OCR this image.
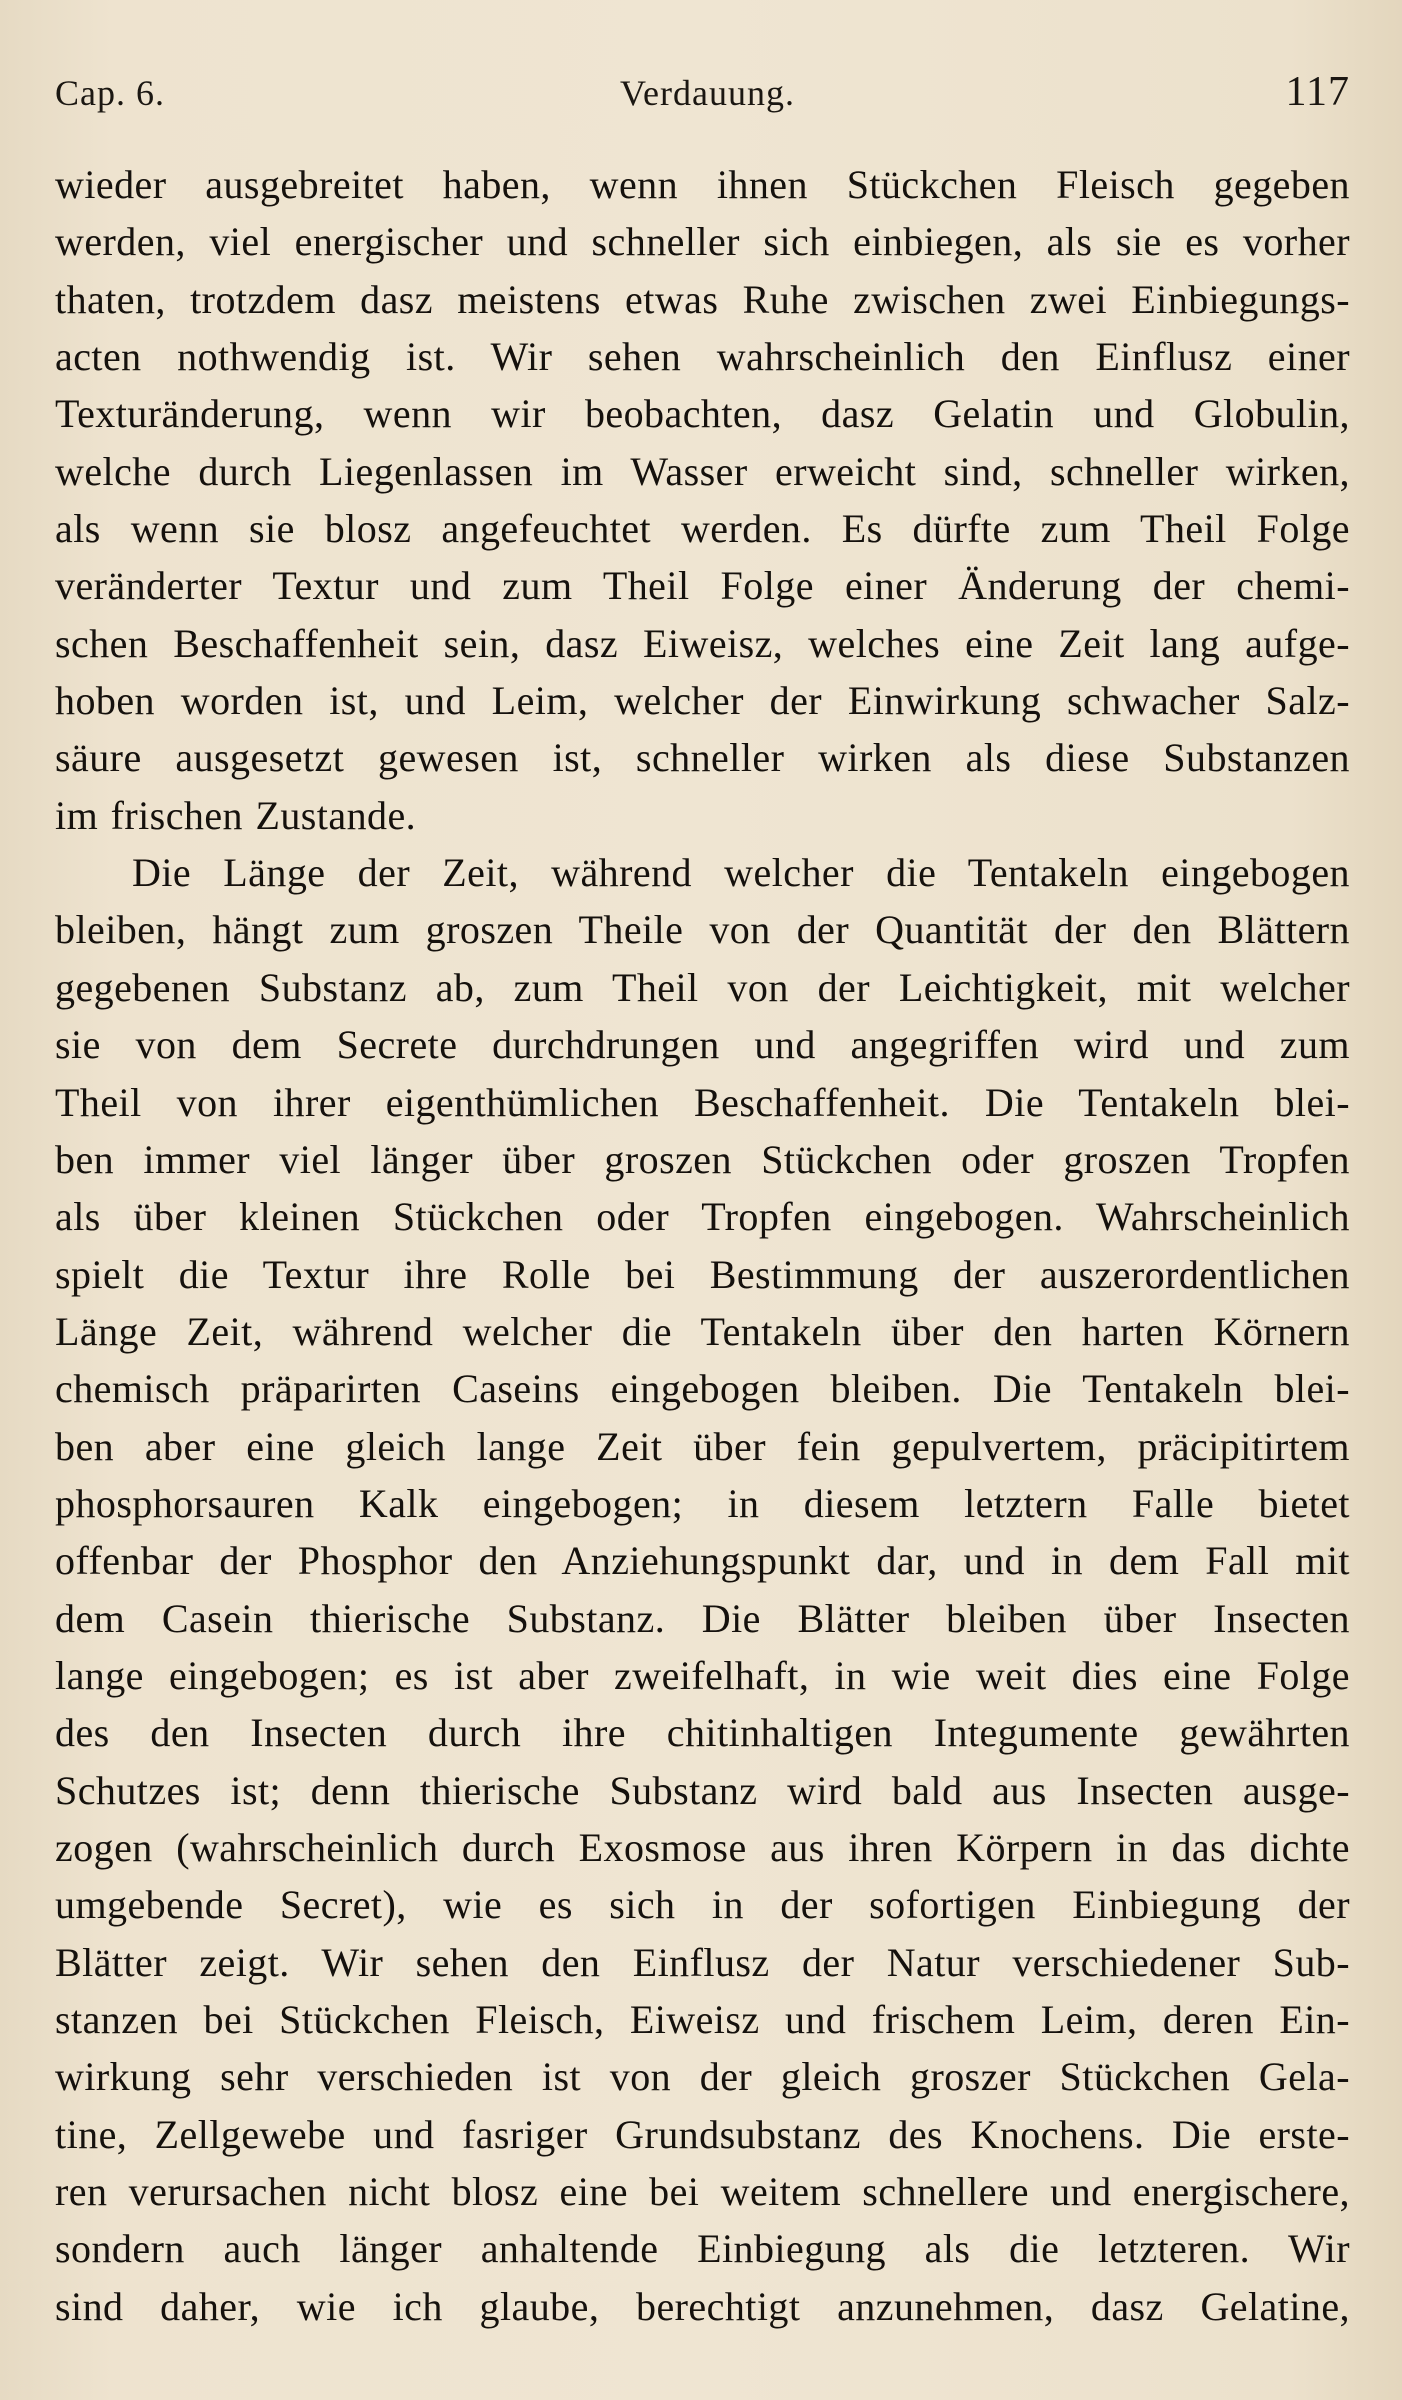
Cap. 6.	Verdauung.	117
wieder ausgebreitet haben, wenn ihnen Stückchen Fleisch gegeben
werden, viel energischer und schneller sich einbiegen, als sie es vorher
thaten, trotzdem dasz meistens etwas Ruhe zwischen zwei Einbiegungs-
acten nothwendig ist. Wir sehen wahrscheinlich den Einflusz einer
Texturänderung, wenn wir beobachten, dasz Gelatin und Globulin,
welche durch Liegenlassen im Wasser erweicht sind, schneller wirken,
als wenn sie blosz angefeuchtet werden. Es dürfte zum Theil Folge
veränderter Textur und zum Theil Folge einer Änderung der chemi-
schen Beschaffenheit sein, dasz Eiweisz, welches eine Zeit lang aufge-
hoben worden ist, und Leim, welcher der Einwirkung schwacher Salz-
säure ausgesetzt gewesen ist, schneller wirken als diese Substanzen
im frischen Zustande.
Die Länge der Zeit, während welcher die Tentakeln eingebogen
bleiben, hängt zum groszen Theile von der Quantität der den Blättern
gegebenen Substanz ab, zum Theil von der Leichtigkeit, mit welcher
sie von dem Secrete durchdrungen und angegriffen wird und zum
Theil von ihrer eigenthümlichen Beschaffenheit. Die Tentakeln blei-
ben immer viel länger über groszen Stückchen oder groszen Tropfen
als über kleinen Stückchen oder Tropfen eingebogen. Wahrscheinlich
spielt die Textur ihre Rolle bei Bestimmung der auszerordentlichen
Länge Zeit, während welcher die Tentakeln über den harten Körnern
chemisch präparirten Caseins eingebogen bleiben. Die Tentakeln blei-
ben aber eine gleich lange Zeit über fein gepulvertem, präcipitirtem
phosphorsauren Kalk eingebogen; in diesem letztern Falle bietet
offenbar der Phosphor den Anziehungspunkt dar, und in dem Fall mit
dem Casein thierische Substanz. Die Blätter bleiben über Insecten
lange eingebogen; es ist aber zweifelhaft, in wie weit dies eine Folge
des den Insecten durch ihre chitinhaltigen Integumente gewährten
Schutzes ist; denn thierische Substanz wird bald aus Insecten ausge-
zogen (wahrscheinlich durch Exosmose aus ihren Körpern in das dichte
umgebende Secret), wie es sich in der sofortigen Einbiegung der
Blätter zeigt. Wir sehen den Einflusz der Natur verschiedener Sub-
stanzen bei Stückchen Fleisch, Eiweisz und frischem Leim, deren Ein-
wirkung sehr verschieden ist von der gleich groszer Stückchen Gela-
tine, Zellgewebe und fasriger Grundsubstanz des Knochens. Die erste-
ren verursachen nicht blosz eine bei weitem schnellere und energischere,
sondern auch länger anhaltende Einbiegung als die letzteren. Wir
sind daher, wie ich glaube, berechtigt anzunehmen, dasz Gelatine,
